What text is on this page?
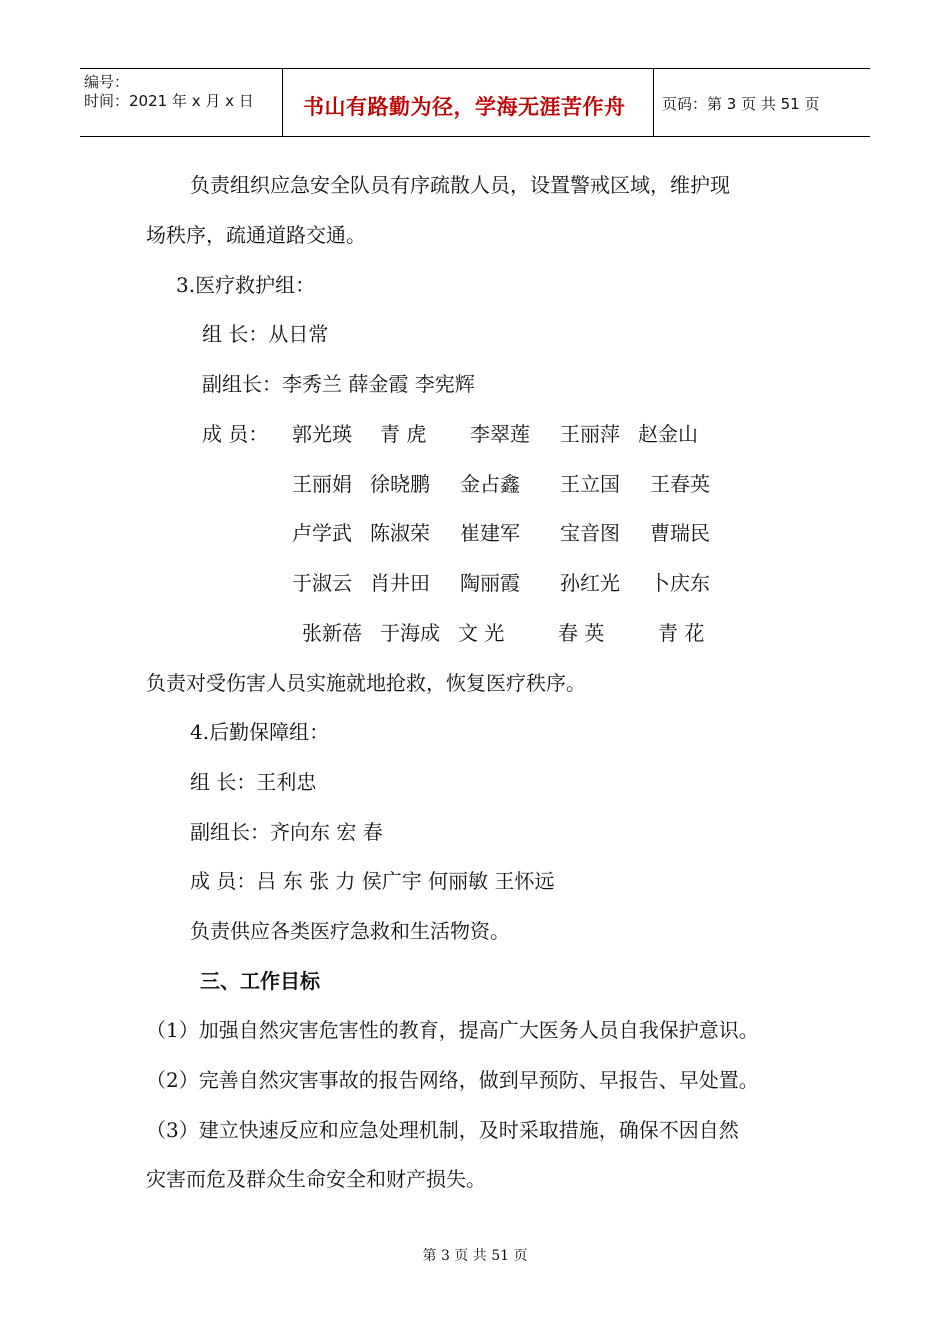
编号：
时间：2021 年 x 月 x 日	书山有路勤为径，学海无涯苦作舟	页码：第 3 页 共 51 页
负责组织应急安全队员有序疏散人员，设置警戒区域，维护现
场秩序，疏通道路交通。
3.医疗救护组：
组 长：从日常
副组长：李秀兰 薛金霞 李宪辉
成 员： 郭光瑛 青 虎 李翠莲 王丽萍 赵金山
王丽娟 徐晓鹏 金占鑫 王立国 王春英
卢学武 陈淑荣 崔建军 宝音图 曹瑞民
于淑云 肖井田 陶丽霞 孙红光 卜庆东
张新蓓 于海成 文 光	春 英	青 花
负责对受伤害人员实施就地抢救，恢复医疗秩序。
4.后勤保障组：
组 长：王利忠
副组长：齐向东 宏 春
成 员：吕 东 张 力 侯广宇 何丽敏 王怀远
负责供应各类医疗急救和生活物资。
三、工作目标
（1）加强自然灾害危害性的教育，提高广大医务人员自我保护意识。
（2）完善自然灾害事故的报告网络，做到早预防、早报告、早处置。
（3）建立快速反应和应急处理机制，及时采取措施，确保不因自然
灾害而危及群众生命安全和财产损失。
第 3 页 共 51 页
